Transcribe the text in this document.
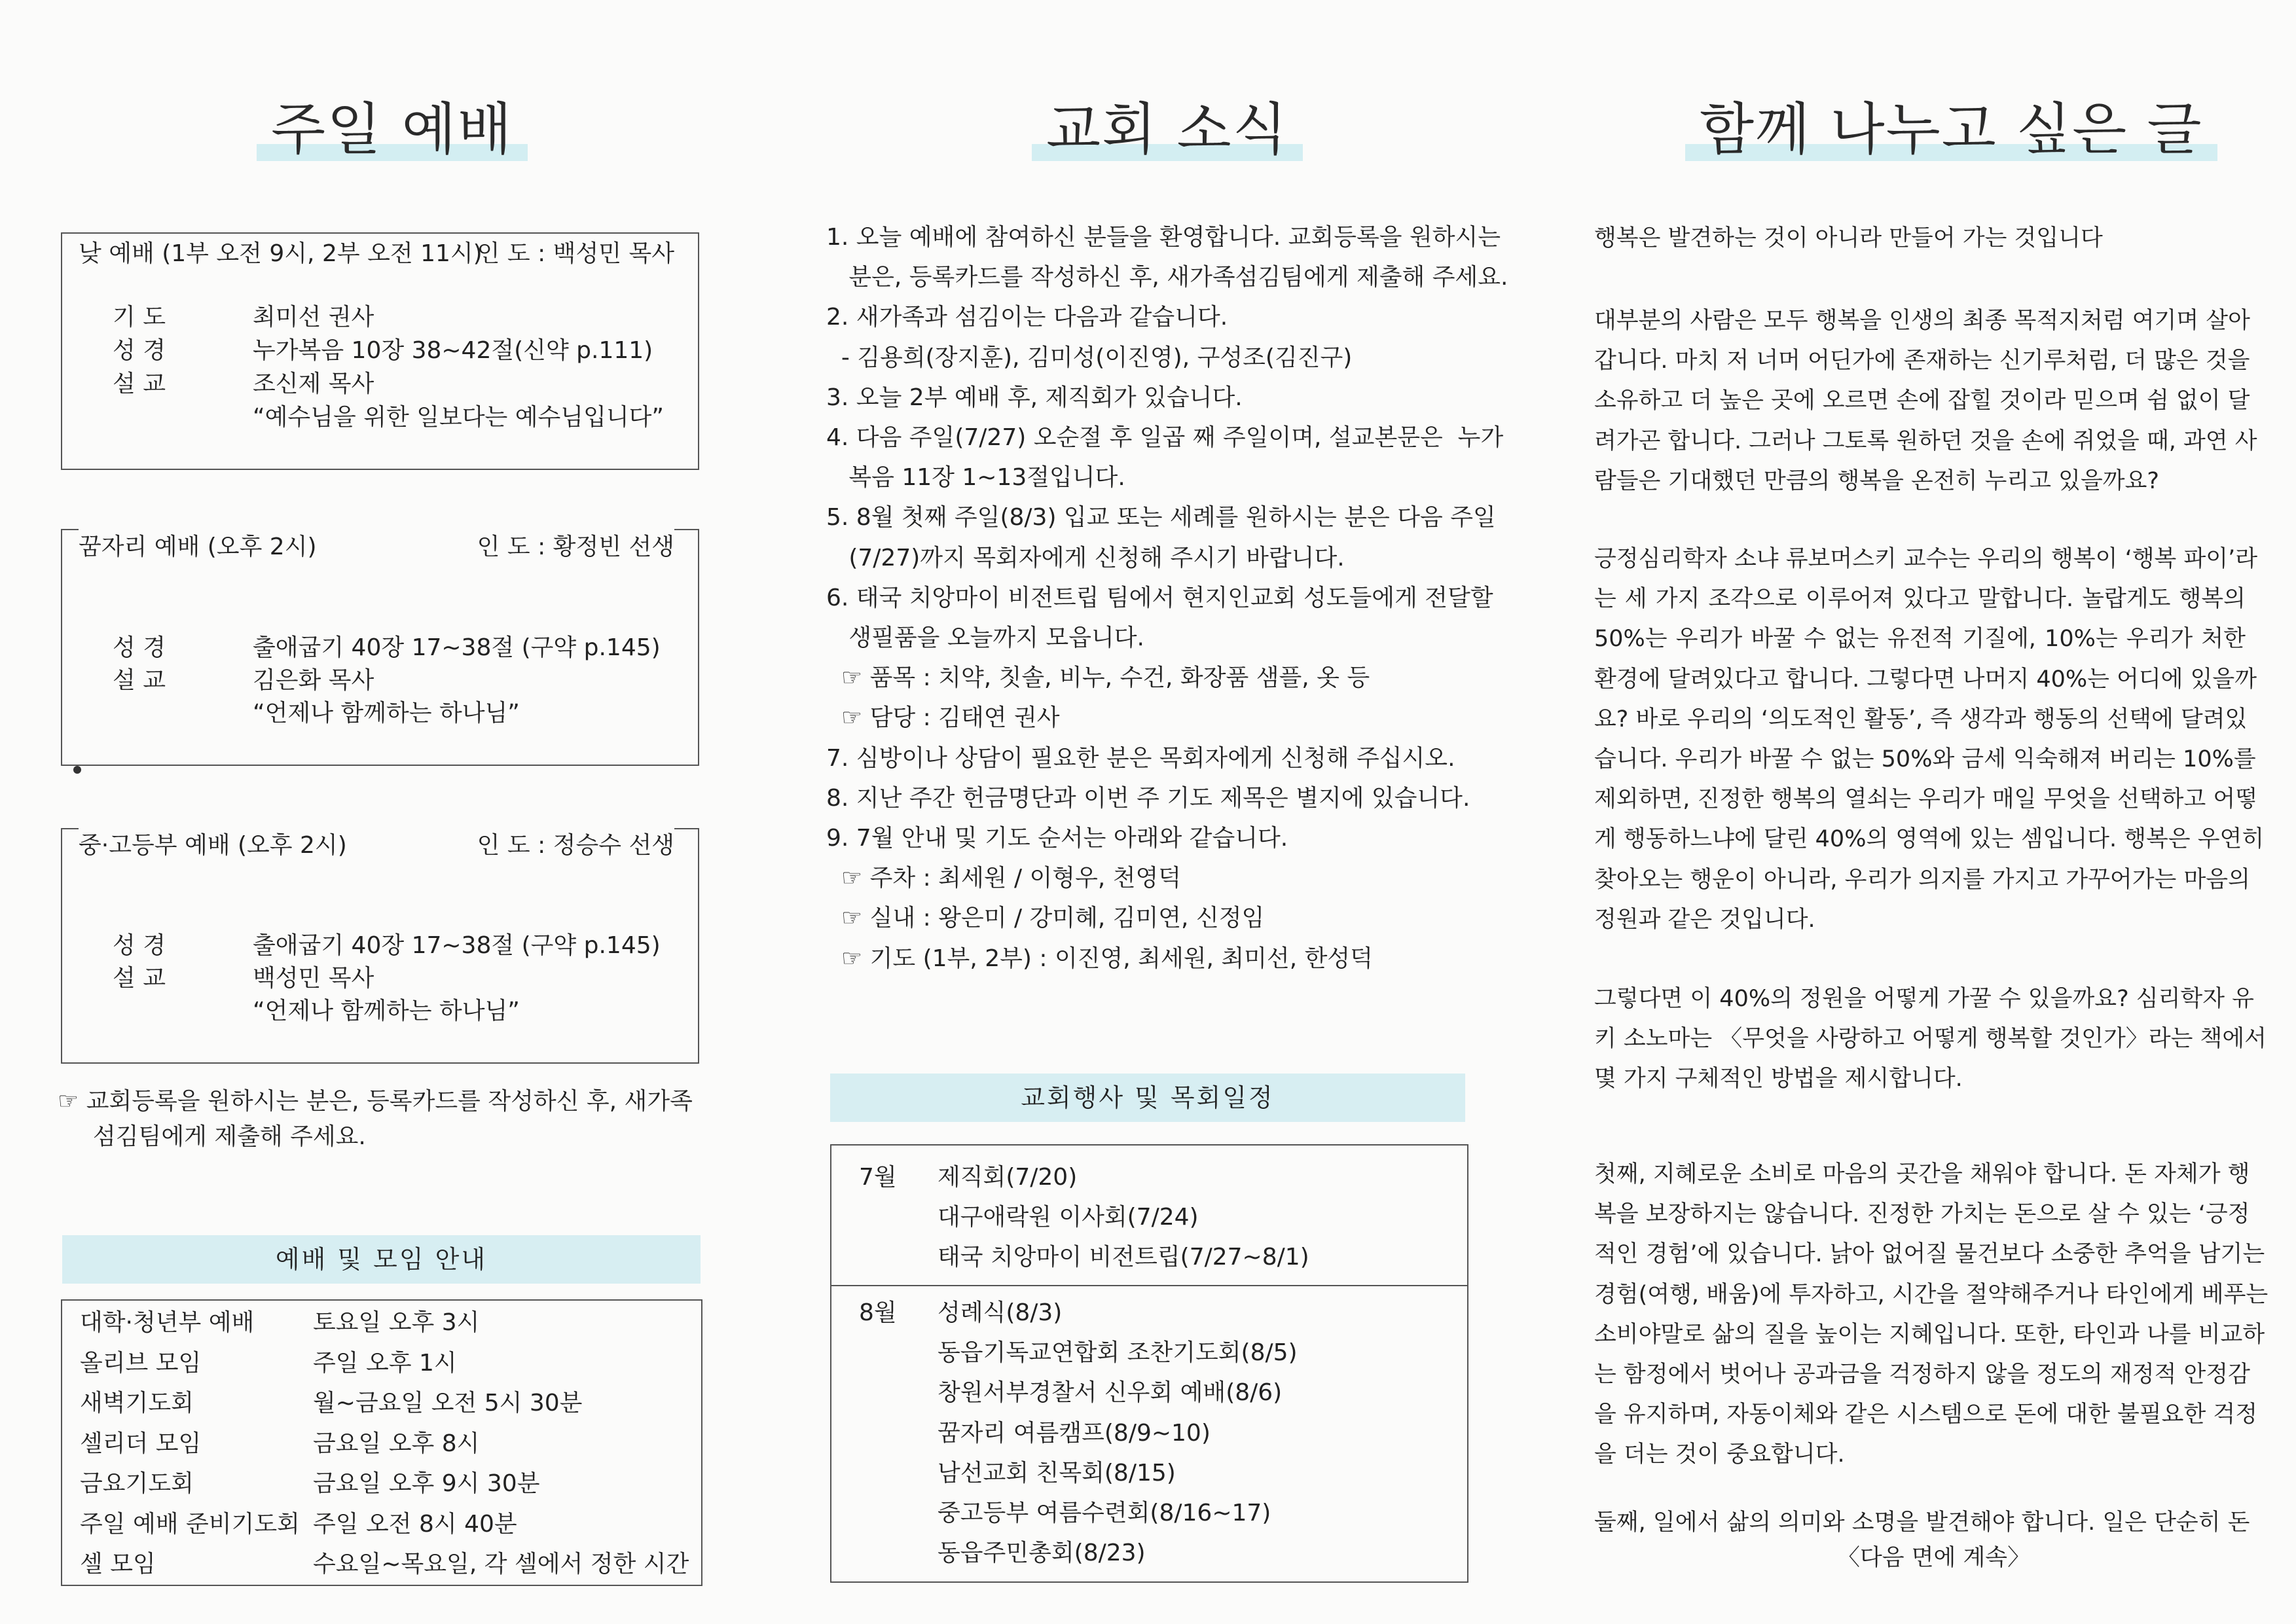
주일 예배
낮 예배 (1부 오전 9시, 2부 오전 11시)
인 도 : 백성민 목사
기 도	최미선 권사
성 경	누가복음 10장 38~42절(신약 p.111)
설 교	조신제 목사
“예수님을 위한 일보다는 예수님입니다”
꿈자리 예배 (오후 2시)	인 도 : 황정빈 선생
성 경	출애굽기 40장 17~38절 (구약 p.145)
설 교	김은화 목사
“언제나 함께하는 하나님”
중·고등부 예배 (오후 2시)	인 도 : 정승수 선생
성 경	출애굽기 40장 17~38절 (구약 p.145)
설 교	백성민 목사
“언제나 함께하는 하나님”
☞ 교회등록을 원하시는 분은, 등록카드를 작성하신 후, 새가족
섬김팀에게 제출해 주세요.
예배 및 모임 안내
대학·청년부 예배 토요일 오후 3시
올리브 모임	주일 오후 1시
새벽기도회	월~금요일 오전 5시 30분
셀리더 모임	금요일 오후 8시
금요기도회	금요일 오후 9시 30분
주일 예배 준비기도회 주일 오전 8시 40분
셀 모임	수요일~목요일, 각 셀에서 정한 시간
교회 소식
1. 오늘 예배에 참여하신 분들을 환영합니다. 교회등록을 원하시는
분은, 등록카드를 작성하신 후, 새가족섬김팀에게 제출해 주세요.
2. 새가족과 섬김이는 다음과 같습니다.
- 김용희(장지훈), 김미성(이진영), 구성조(김진구)
3. 오늘 2부 예배 후, 제직회가 있습니다.
4. 다음 주일(7/27) 오순절 후 일곱 째 주일이며, 설교본문은  누가
복음 11장 1~13절입니다.
5. 8월 첫째 주일(8/3) 입교 또는 세례를 원하시는 분은 다음 주일
(7/27)까지 목회자에게 신청해 주시기 바랍니다.
6. 태국 치앙마이 비전트립 팀에서 현지인교회 성도들에게 전달할
생필품을 오늘까지 모읍니다.
☞ 품목 : 치약, 칫솔, 비누, 수건, 화장품 샘플, 옷 등
☞ 담당 : 김태연 권사
7. 심방이나 상담이 필요한 분은 목회자에게 신청해 주십시오.
8. 지난 주간 헌금명단과 이번 주 기도 제목은 별지에 있습니다.
9. 7월 안내 및 기도 순서는 아래와 같습니다.
☞ 주차 : 최세원 / 이형우, 천영덕
☞ 실내 : 왕은미 / 강미혜, 김미연, 신정임
☞ 기도 (1부, 2부) : 이진영, 최세원, 최미선, 한성덕
교회행사 및 목회일정
7월 제직회(7/20)
대구애락원 이사회(7/24)
태국 치앙마이 비전트립(7/27~8/1)
8월 성례식(8/3)
동읍기독교연합회 조찬기도회(8/5)
창원서부경찰서 신우회 예배(8/6)
꿈자리 여름캠프(8/9~10)
남선교회 친목회(8/15)
중고등부 여름수련회(8/16~17)
동읍주민총회(8/23)
함께 나누고 싶은 글
행복은 발견하는 것이 아니라 만들어 가는 것입니다
대부분의 사람은 모두 행복을 인생의 최종 목적지처럼 여기며 살아
갑니다. 마치 저 너머 어딘가에 존재하는 신기루처럼, 더 많은 것을
소유하고 더 높은 곳에 오르면 손에 잡힐 것이라 믿으며 쉼 없이 달
려가곤 합니다. 그러나 그토록 원하던 것을 손에 쥐었을 때, 과연 사
람들은 기대했던 만큼의 행복을 온전히 누리고 있을까요?
긍정심리학자 소냐 류보머스키 교수는 우리의 행복이 ‘행복 파이’라
는 세 가지 조각으로 이루어져 있다고 말합니다. 놀랍게도 행복의
50%는 우리가 바꿀 수 없는 유전적 기질에, 10%는 우리가 처한
환경에 달려있다고 합니다. 그렇다면 나머지 40%는 어디에 있을까
요? 바로 우리의 ‘의도적인 활동’, 즉 생각과 행동의 선택에 달려있
습니다. 우리가 바꿀 수 없는 50%와 금세 익숙해져 버리는 10%를
제외하면, 진정한 행복의 열쇠는 우리가 매일 무엇을 선택하고 어떻
게 행동하느냐에 달린 40%의 영역에 있는 셈입니다. 행복은 우연히
찾아오는 행운이 아니라, 우리가 의지를 가지고 가꾸어가는 마음의
정원과 같은 것입니다.
그렇다면 이 40%의 정원을 어떻게 가꿀 수 있을까요? 심리학자 유
키 소노마는 〈무엇을 사랑하고 어떻게 행복할 것인가〉라는 책에서
몇 가지 구체적인 방법을 제시합니다.
첫째, 지혜로운 소비로 마음의 곳간을 채워야 합니다. 돈 자체가 행
복을 보장하지는 않습니다. 진정한 가치는 돈으로 살 수 있는 ‘긍정
적인 경험’에 있습니다. 낡아 없어질 물건보다 소중한 추억을 남기는
경험(여행, 배움)에 투자하고, 시간을 절약해주거나 타인에게 베푸는
소비야말로 삶의 질을 높이는 지혜입니다. 또한, 타인과 나를 비교하
는 함정에서 벗어나 공과금을 걱정하지 않을 정도의 재정적 안정감
을 유지하며, 자동이체와 같은 시스템으로 돈에 대한 불필요한 걱정
을 더는 것이 중요합니다.
둘째, 일에서 삶의 의미와 소명을 발견해야 합니다. 일은 단순히 돈
〈다음 면에 계속〉
